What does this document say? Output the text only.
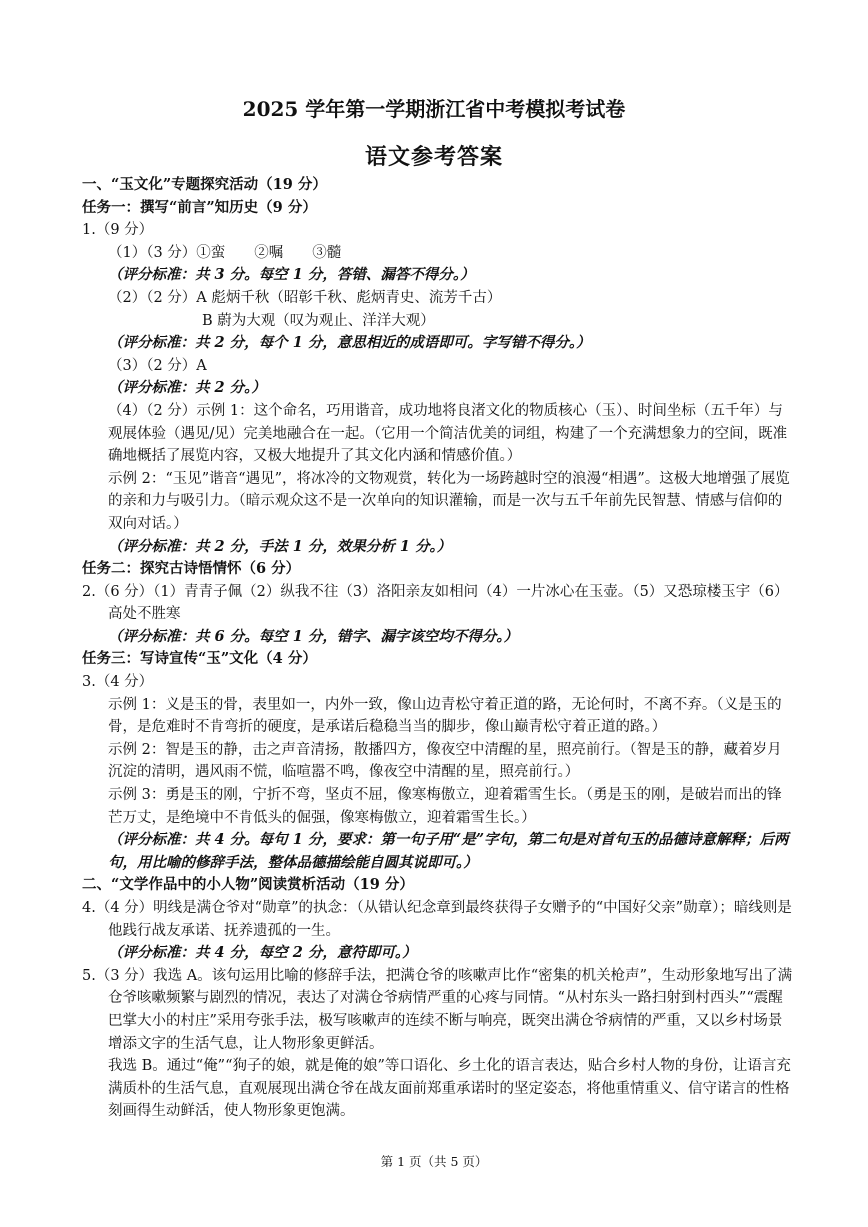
2025 学年第一学期浙江省中考模拟考试卷
语文参考答案

一、“玉文化”专题探究活动（19 分）

任务一：撰写“前言”知历史（9 分）

1.（9 分）

（1）（3 分）①蛮　　②嘱　　③髓

（评分标准：共 3 分。每空 1 分，答错、漏答不得分。）

（2）（2 分）A 彪炳千秋（昭彰千秋、彪炳青史、流芳千古）

B 蔚为大观（叹为观止、洋洋大观）

（评分标准：共 2 分，每个 1 分，意思相近的成语即可。字写错不得分。）

（3）（2 分）A

（评分标准：共 2 分。）

（4）（2 分）示例 1：这个命名，巧用谐音，成功地将良渚文化的物质核心（玉）、时间坐标（五千年）与观展体验（遇见/见）完美地融合在一起。（它用一个简洁优美的词组，构建了一个充满想象力的空间，既准确地概括了展览内容，又极大地提升了其文化内涵和情感价值。）

示例 2：“玉见”谐音“遇见”，将冰冷的文物观赏，转化为一场跨越时空的浪漫“相遇”。这极大地增强了展览的亲和力与吸引力。（暗示观众这不是一次单向的知识灌输，而是一次与五千年前先民智慧、情感与信仰的双向对话。）

（评分标准：共 2 分，手法 1 分，效果分析 1 分。）

任务二：探究古诗悟情怀（6 分）

2.（6 分）（1）青青子佩（2）纵我不往（3）洛阳亲友如相问（4）一片冰心在玉壶。（5）又恐琼楼玉宇（6）高处不胜寒

（评分标准：共 6 分。每空 1 分，错字、漏字该空均不得分。）

任务三：写诗宣传“玉”文化（4 分）

3.（4 分）

示例 1：义是玉的骨，表里如一，内外一致，像山边青松守着正道的路，无论何时，不离不弃。（义是玉的骨，是危难时不肯弯折的硬度，是承诺后稳稳当当的脚步，像山巅青松守着正道的路。）

示例 2：智是玉的静，击之声音清扬，散播四方，像夜空中清醒的星，照亮前行。（智是玉的静，藏着岁月沉淀的清明，遇风雨不慌，临喧嚣不鸣，像夜空中清醒的星，照亮前行。）

示例 3：勇是玉的刚，宁折不弯，坚贞不屈，像寒梅傲立，迎着霜雪生长。（勇是玉的刚，是破岩而出的锋芒万丈，是绝境中不肯低头的倔强，像寒梅傲立，迎着霜雪生长。）

（评分标准：共 4 分。每句 1 分，要求：第一句子用“是”字句，第二句是对首句玉的品德诗意解释；后两句，用比喻的修辞手法，整体品德描绘能自圆其说即可。）

二、“文学作品中的小人物”阅读赏析活动（19 分）

4.（4 分）明线是满仓爷对“勋章”的执念：（从错认纪念章到最终获得子女赠予的“中国好父亲”勋章）；暗线则是他践行战友承诺、抚养遗孤的一生。

（评分标准：共 4 分，每空 2 分，意符即可。）

5.（3 分）我选 A。该句运用比喻的修辞手法，把满仓爷的咳嗽声比作“密集的机关枪声”，生动形象地写出了满仓爷咳嗽频繁与剧烈的情况，表达了对满仓爷病情严重的心疼与同情。“从村东头一路扫射到村西头”“震醒巴掌大小的村庄”采用夸张手法，极写咳嗽声的连续不断与响亮，既突出满仓爷病情的严重，又以乡村场景增添文字的生活气息，让人物形象更鲜活。

我选 B。通过“俺”“狗子的娘，就是俺的娘”等口语化、乡土化的语言表达，贴合乡村人物的身份，让语言充满质朴的生活气息，直观展现出满仓爷在战友面前郑重承诺时的坚定姿态，将他重情重义、信守诺言的性格刻画得生动鲜活，使人物形象更饱满。

第 1 页（共 5 页）
